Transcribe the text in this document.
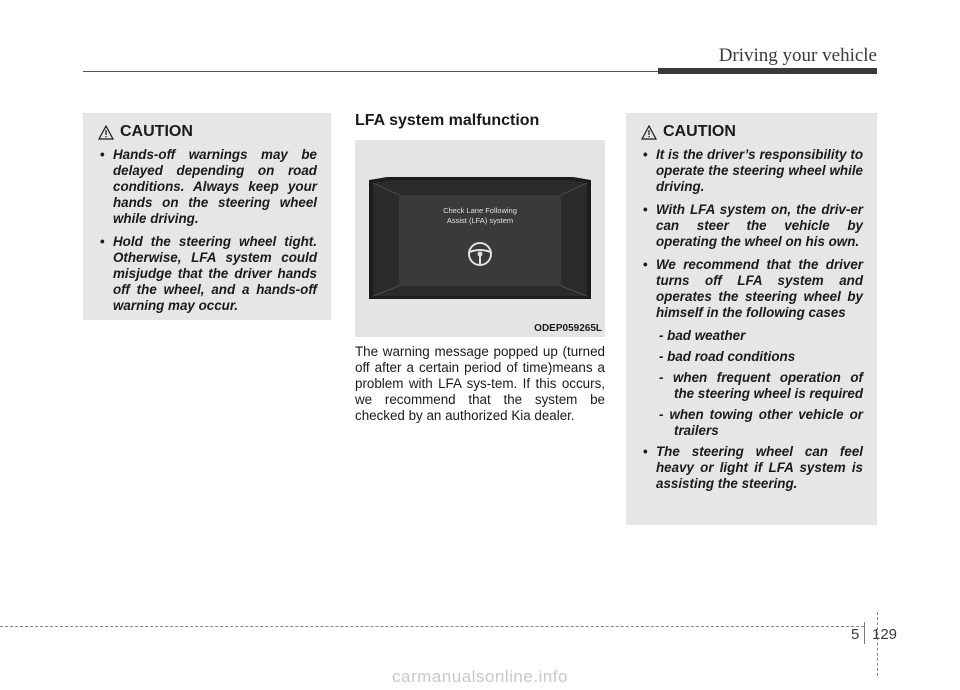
Driving your vehicle
CAUTION
• Hands-off warnings may be delayed depending on road conditions. Always keep your hands on the steering wheel while driving.
• Hold the steering wheel tight. Otherwise, LFA system could misjudge that the driver hands off the wheel, and a hands-off warning may occur.
LFA system malfunction
Check Lane Following
Assist (LFA) system
ODEP059265L

The warning message popped up (turned off after a certain period of time)means a problem with LFA sys-tem. If this occurs, we recommend that the system be checked by an authorized Kia dealer.

CAUTION
• It is the driver’s responsibility to operate the steering wheel while driving.
• With LFA system on, the driv-er can steer the vehicle by operating the wheel on his own.
• We recommend that the driver turns off LFA system and operates the steering wheel by himself in the following cases
- bad weather
- bad road conditions
- when frequent operation of the steering wheel is required
- when towing other vehicle or trailers
• The steering wheel can feel heavy or light if LFA system is assisting the steering.
5 129
carmanualsonline.info
